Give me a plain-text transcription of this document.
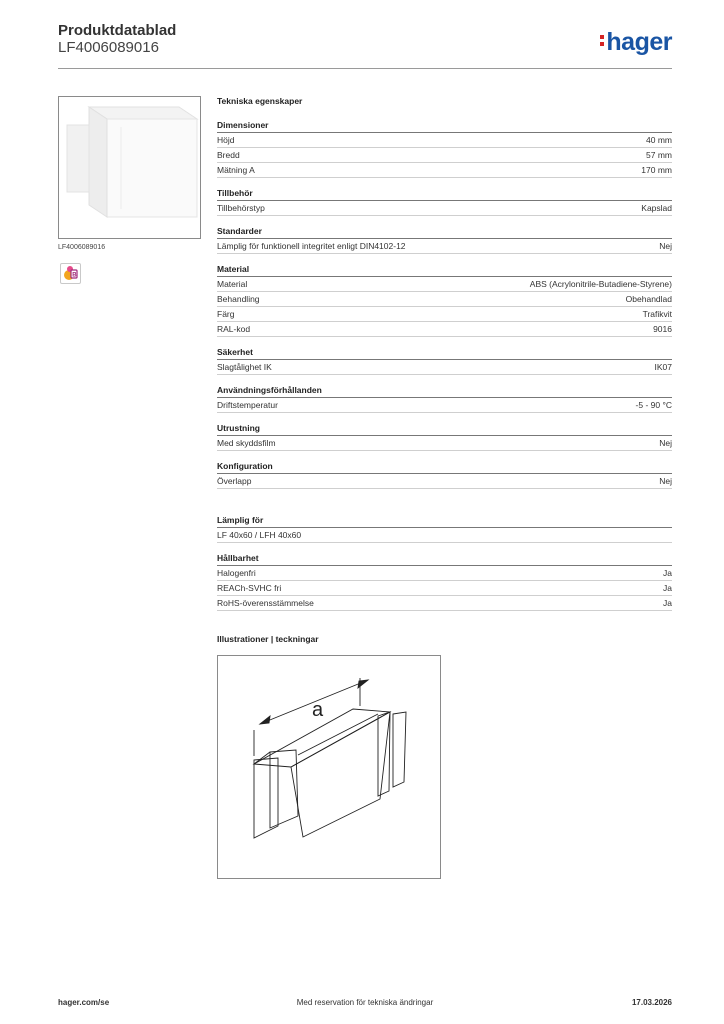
Produktdatablad
LF4006089016	hager
LF4006089016
B
Tekniska egenskaper
Dimensioner
Höjd	40 mm
Bredd	57 mm
Mätning A	170 mm
Tillbehör
Tillbehörstyp	Kapslad
Standarder
Lämplig för funktionell integritet enligt DIN4102-12	Nej
Material
Material	ABS (Acrylonitrile-Butadiene-Styrene)
Behandling	Obehandlad
Färg	Trafikvit
RAL-kod	9016
Säkerhet
Slagtålighet IK	IK07
Användningsförhållanden
Driftstemperatur	-5 - 90 °C
Utrustning
Med skyddsfilm	Nej
Konfiguration
Överlapp	Nej
Lämplig för
LF 40x60 / LFH 40x60
Hållbarhet
Halogenfri	Ja
REACh-SVHC fri	Ja
RoHS-överensstämmelse	Ja
Illustrationer | teckningar
a
hager.com/se	Med reservation för tekniska ändringar	17.03.2026
